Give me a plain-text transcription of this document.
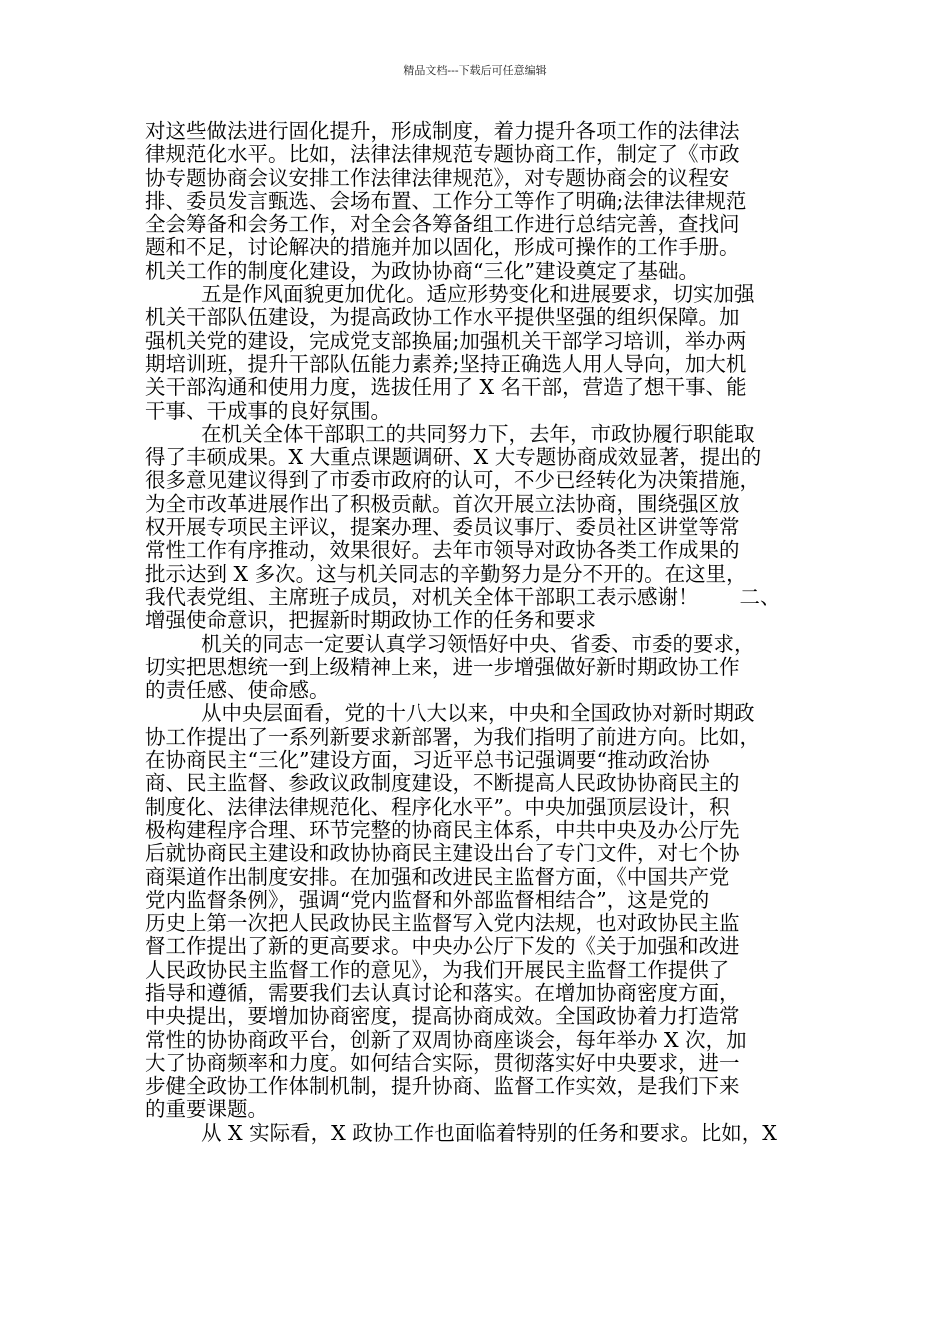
精品文档---下载后可任意编辑
对这些做法进行固化提升，形成制度，着力提升各项工作的法律法
律规范化水平。比如，法律法律规范专题协商工作，制定了《市政
协专题协商会议安排工作法律法律规范》，对专题协商会的议程安
排、委员发言甄选、会场布置、工作分工等作了明确;法律法律规范
全会筹备和会务工作，对全会各筹备组工作进行总结完善，查找问
题和不足，讨论解决的措施并加以固化，形成可操作的工作手册。
机关工作的制度化建设，为政协协商“三化”建设奠定了基础。
五是作风面貌更加优化。适应形势变化和进展要求，切实加强
机关干部队伍建设，为提高政协工作水平提供坚强的组织保障。加
强机关党的建设，完成党支部换届;加强机关干部学习培训，举办两
期培训班，提升干部队伍能力素养;坚持正确选人用人导向，加大机
关干部沟通和使用力度，选拔任用了 X 名干部，营造了想干事、能
干事、干成事的良好氛围。
在机关全体干部职工的共同努力下，去年，市政协履行职能取
得了丰硕成果。X 大重点课题调研、X 大专题协商成效显著，提出的
很多意见建议得到了市委市政府的认可，不少已经转化为决策措施，
为全市改革进展作出了积极贡献。首次开展立法协商，围绕强区放
权开展专项民主评议，提案办理、委员议事厅、委员社区讲堂等常
常性工作有序推动，效果很好。去年市领导对政协各类工作成果的
批示达到 X 多次。这与机关同志的辛勤努力是分不开的。在这里，
我代表党组、主席班子成员，对机关全体干部职工表示感谢！　　二、
增强使命意识，把握新时期政协工作的任务和要求
机关的同志一定要认真学习领悟好中央、省委、市委的要求，
切实把思想统一到上级精神上来，进一步增强做好新时期政协工作
的责任感、使命感。
从中央层面看，党的十八大以来，中央和全国政协对新时期政
协工作提出了一系列新要求新部署，为我们指明了前进方向。比如，
在协商民主“三化”建设方面，习近平总书记强调要“推动政治协
商、民主监督、参政议政制度建设，不断提高人民政协协商民主的
制度化、法律法律规范化、程序化水平”。中央加强顶层设计，积
极构建程序合理、环节完整的协商民主体系，中共中央及办公厅先
后就协商民主建设和政协协商民主建设出台了专门文件，对七个协
商渠道作出制度安排。在加强和改进民主监督方面，《中国共产党
党内监督条例》，强调“党内监督和外部监督相结合”，这是党的
历史上第一次把人民政协民主监督写入党内法规，也对政协民主监
督工作提出了新的更高要求。中央办公厅下发的《关于加强和改进
人民政协民主监督工作的意见》，为我们开展民主监督工作提供了
指导和遵循，需要我们去认真讨论和落实。在增加协商密度方面，
中央提出，要增加协商密度，提高协商成效。全国政协着力打造常
常性的协协商政平台，创新了双周协商座谈会，每年举办 X 次，加
大了协商频率和力度。如何结合实际，贯彻落实好中央要求，进一
步健全政协工作体制机制，提升协商、监督工作实效，是我们下来
的重要课题。
从 X 实际看，X 政协工作也面临着特别的任务和要求。比如，X
